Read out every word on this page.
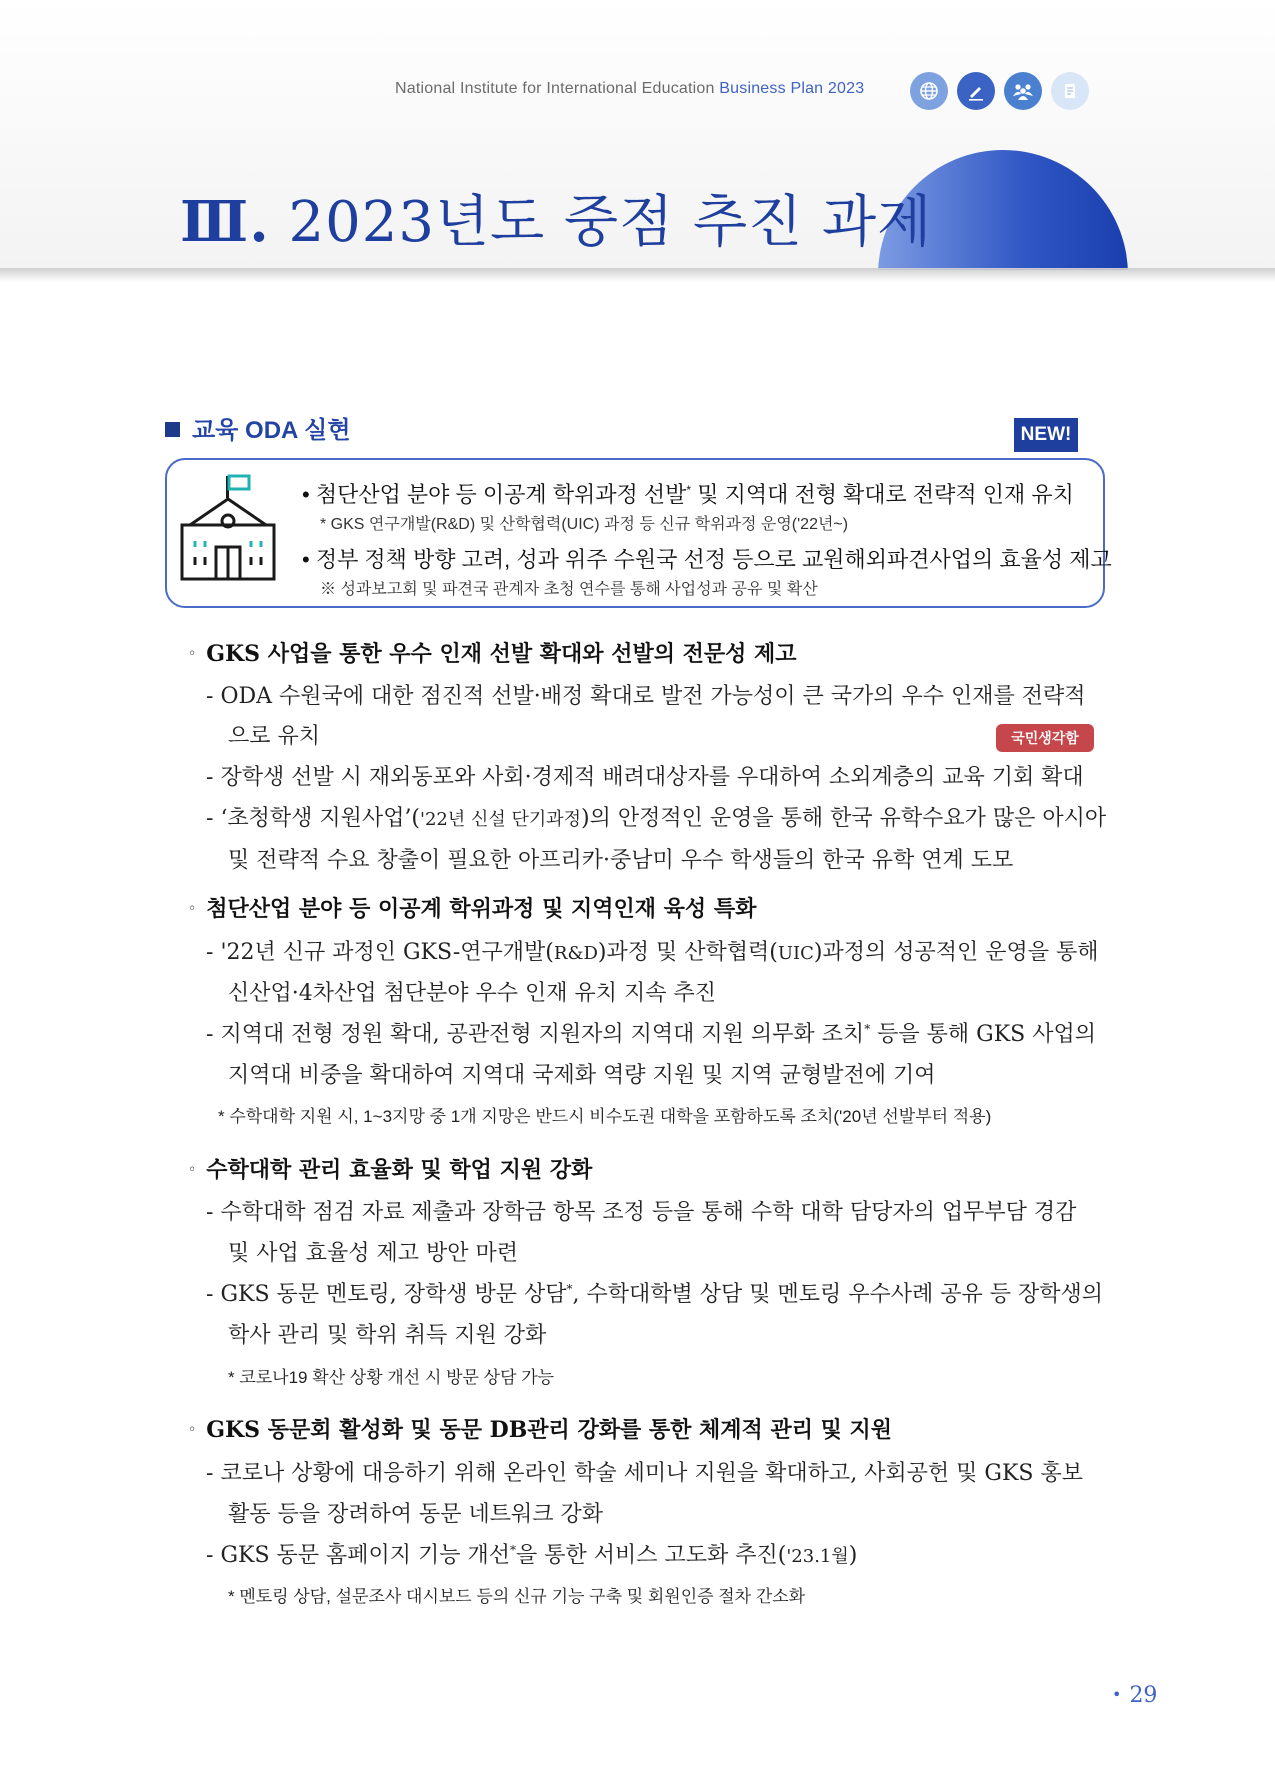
National Institute for International Education Business Plan 2023
Ⅲ. 2023년도 중점 추진 과제
교육 ODA 실현	NEW!
• 첨단산업 분야 등 이공계 학위과정 선발* 및 지역대 전형 확대로 전략적 인재 유치
* GKS 연구개발(R&D) 및 산학협력(UIC) 과정 등 신규 학위과정 운영('22년~)
• 정부 정책 방향 고려, 성과 위주 수원국 선정 등으로 교원해외파견사업의 효율성 제고
※ 성과보고회 및 파견국 관계자 초청 연수를 통해 사업성과 공유 및 확산
◦ GKS 사업을 통한 우수 인재 선발 확대와 선발의 전문성 제고
- ODA 수원국에 대한 점진적 선발·배정 확대로 발전 가능성이 큰 국가의 우수 인재를 전략적
으로 유치	국민생각함
- 장학생 선발 시 재외동포와 사회·경제적 배려대상자를 우대하여 소외계층의 교육 기회 확대
- ‘초청학생 지원사업’('22년 신설 단기과정)의 안정적인 운영을 통해 한국 유학수요가 많은 아시아
및 전략적 수요 창출이 필요한 아프리카·중남미 우수 학생들의 한국 유학 연계 도모
◦ 첨단산업 분야 등 이공계 학위과정 및 지역인재 육성 특화
- '22년 신규 과정인 GKS-연구개발(R&D)과정 및 산학협력(UIC)과정의 성공적인 운영을 통해
신산업·4차산업 첨단분야 우수 인재 유치 지속 추진
- 지역대 전형 정원 확대, 공관전형 지원자의 지역대 지원 의무화 조치* 등을 통해 GKS 사업의
지역대 비중을 확대하여 지역대 국제화 역량 지원 및 지역 균형발전에 기여
* 수학대학 지원 시, 1~3지망 중 1개 지망은 반드시 비수도권 대학을 포함하도록 조치('20년 선발부터 적용)
◦ 수학대학 관리 효율화 및 학업 지원 강화
- 수학대학 점검 자료 제출과 장학금 항목 조정 등을 통해 수학 대학 담당자의 업무부담 경감
및 사업 효율성 제고 방안 마련
- GKS 동문 멘토링, 장학생 방문 상담*, 수학대학별 상담 및 멘토링 우수사례 공유 등 장학생의
학사 관리 및 학위 취득 지원 강화
* 코로나19 확산 상황 개선 시 방문 상담 가능
◦ GKS 동문회 활성화 및 동문 DB관리 강화를 통한 체계적 관리 및 지원
- 코로나 상황에 대응하기 위해 온라인 학술 세미나 지원을 확대하고, 사회공헌 및 GKS 홍보
활동 등을 장려하여 동문 네트워크 강화
- GKS 동문 홈페이지 기능 개선*을 통한 서비스 고도화 추진('23.1월)
* 멘토링 상담, 설문조사 대시보드 등의 신규 기능 구축 및 회원인증 절차 간소화
• 29
